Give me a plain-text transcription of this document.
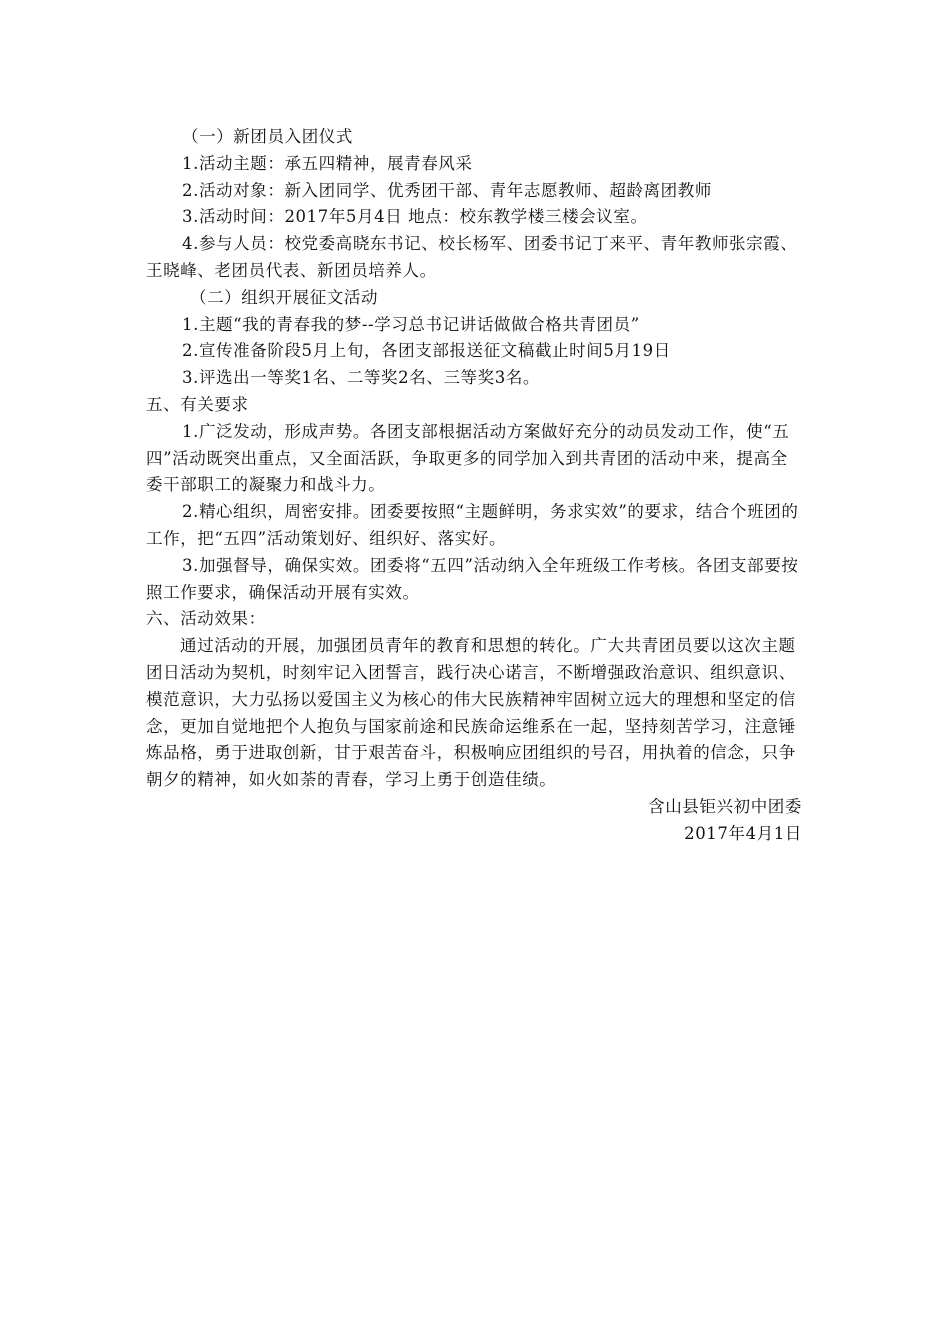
（一）新团员入团仪式

1.活动主题：承五四精神，展青春风采

2.活动对象：新入团同学、优秀团干部、青年志愿教师、超龄离团教师

3.活动时间：2017年5月4日 地点：校东教学楼三楼会议室。

4.参与人员：校党委高晓东书记、校长杨军、团委书记丁来平、青年教师张宗霞、王晓峰、老团员代表、新团员培养人。

（二）组织开展征文活动

1.主题“我的青春我的梦--学习总书记讲话做做合格共青团员”

2.宣传准备阶段5月上旬，各团支部报送征文稿截止时间5月19日

3.评选出一等奖1名、二等奖2名、三等奖3名。

五、有关要求

1.广泛发动，形成声势。各团支部根据活动方案做好充分的动员发动工作，使“五四”活动既突出重点，又全面活跃，争取更多的同学加入到共青团的活动中来，提高全委干部职工的凝聚力和战斗力。

2.精心组织，周密安排。团委要按照“主题鲜明，务求实效”的要求，结合个班团的工作，把“五四”活动策划好、组织好、落实好。

3.加强督导，确保实效。团委将“五四”活动纳入全年班级工作考核。各团支部要按照工作要求，确保活动开展有实效。

六、活动效果：

通过活动的开展，加强团员青年的教育和思想的转化。广大共青团员要以这次主题团日活动为契机，时刻牢记入团誓言，践行决心诺言，不断增强政治意识、组织意识、模范意识，大力弘扬以爱国主义为核心的伟大民族精神牢固树立远大的理想和坚定的信念，更加自觉地把个人抱负与国家前途和民族命运维系在一起，坚持刻苦学习，注意锤炼品格，勇于进取创新，甘于艰苦奋斗，积极响应团组织的号召，用执着的信念，只争朝夕的精神，如火如荼的青春，学习上勇于创造佳绩。

含山县钜兴初中团委

2017年4月1日
